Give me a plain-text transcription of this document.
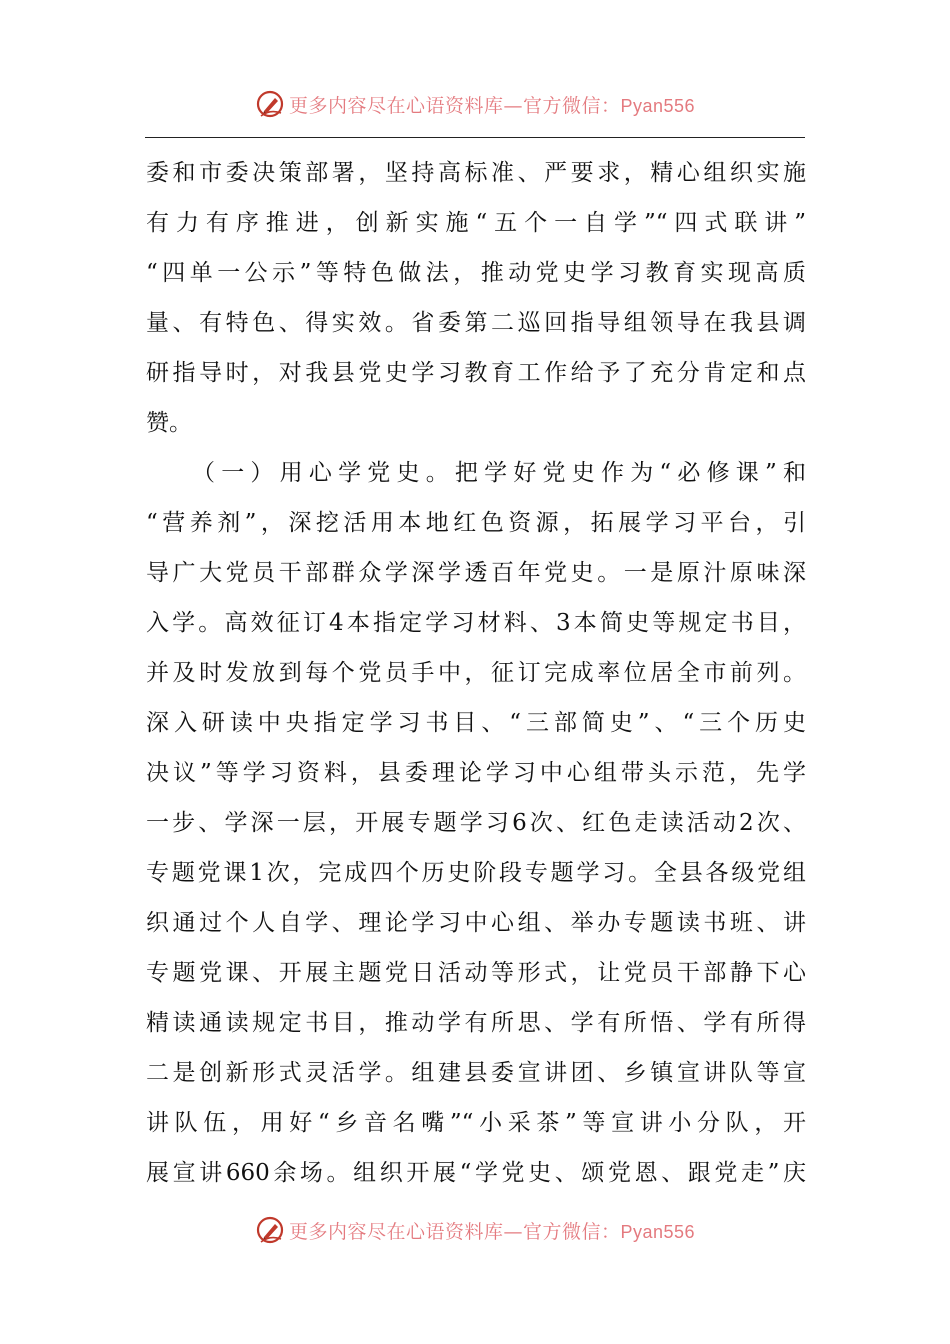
更多内容尽在心语资料库—官方微信：Pyan556
委和市委决策部署，坚持高标准、严要求，精心组织实施
有力有序推进，创新实施“五个一自学”“四式联讲”
“四单一公示”等特色做法，推动党史学习教育实现高质
量、有特色、得实效。省委第二巡回指导组领导在我县调
研指导时，对我县党史学习教育工作给予了充分肯定和点
赞。
（一）用心学党史。把学好党史作为“必修课”和
“营养剂”，深挖活用本地红色资源，拓展学习平台，引
导广大党员干部群众学深学透百年党史。一是原汁原味深
入学。高效征订4本指定学习材料、3本简史等规定书目，
并及时发放到每个党员手中，征订完成率位居全市前列。
深入研读中央指定学习书目、“三部简史”、“三个历史
决议”等学习资料，县委理论学习中心组带头示范，先学
一步、学深一层，开展专题学习6次、红色走读活动2次、
专题党课1次，完成四个历史阶段专题学习。全县各级党组
织通过个人自学、理论学习中心组、举办专题读书班、讲
专题党课、开展主题党日活动等形式，让党员干部静下心
精读通读规定书目，推动学有所思、学有所悟、学有所得
二是创新形式灵活学。组建县委宣讲团、乡镇宣讲队等宣
讲队伍，用好“乡音名嘴”“小采茶”等宣讲小分队，开
展宣讲660余场。组织开展“学党史、颂党恩、跟党走”庆
更多内容尽在心语资料库—官方微信：Pyan556
